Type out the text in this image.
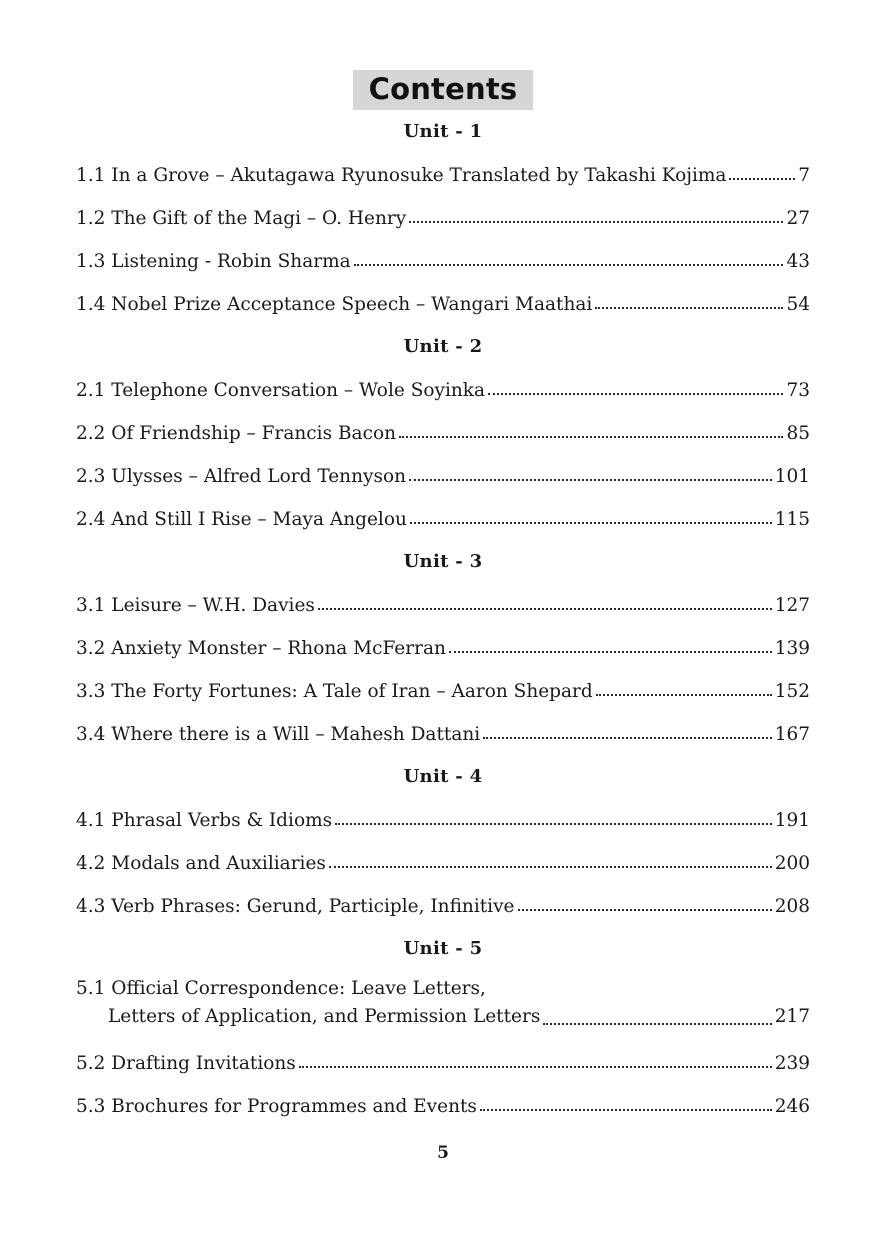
Contents
Unit - 1
1.1 In a Grove – Akutagawa Ryunosuke Translated by Takashi Kojima	7
1.2 The Gift of the Magi – O. Henry	27
1.3 Listening - Robin Sharma	43
1.4 Nobel Prize Acceptance Speech – Wangari Maathai	54
Unit - 2
2.1 Telephone Conversation – Wole Soyinka	73
2.2 Of Friendship – Francis Bacon	85
2.3 Ulysses – Alfred Lord Tennyson	101
2.4 And Still I Rise – Maya Angelou	115
Unit - 3
3.1 Leisure – W.H. Davies	127
3.2 Anxiety Monster – Rhona McFerran	139
3.3 The Forty Fortunes: A Tale of Iran – Aaron Shepard	152
3.4 Where there is a Will – Mahesh Dattani	167
Unit - 4
4.1 Phrasal Verbs & Idioms	191
4.2 Modals and Auxiliaries	200
4.3 Verb Phrases: Gerund, Participle, Infinitive	208
Unit - 5
5.1 Official Correspondence: Leave Letters,
Letters of Application, and Permission Letters	217
5.2 Drafting Invitations	239
5.3 Brochures for Programmes and Events	246
5
